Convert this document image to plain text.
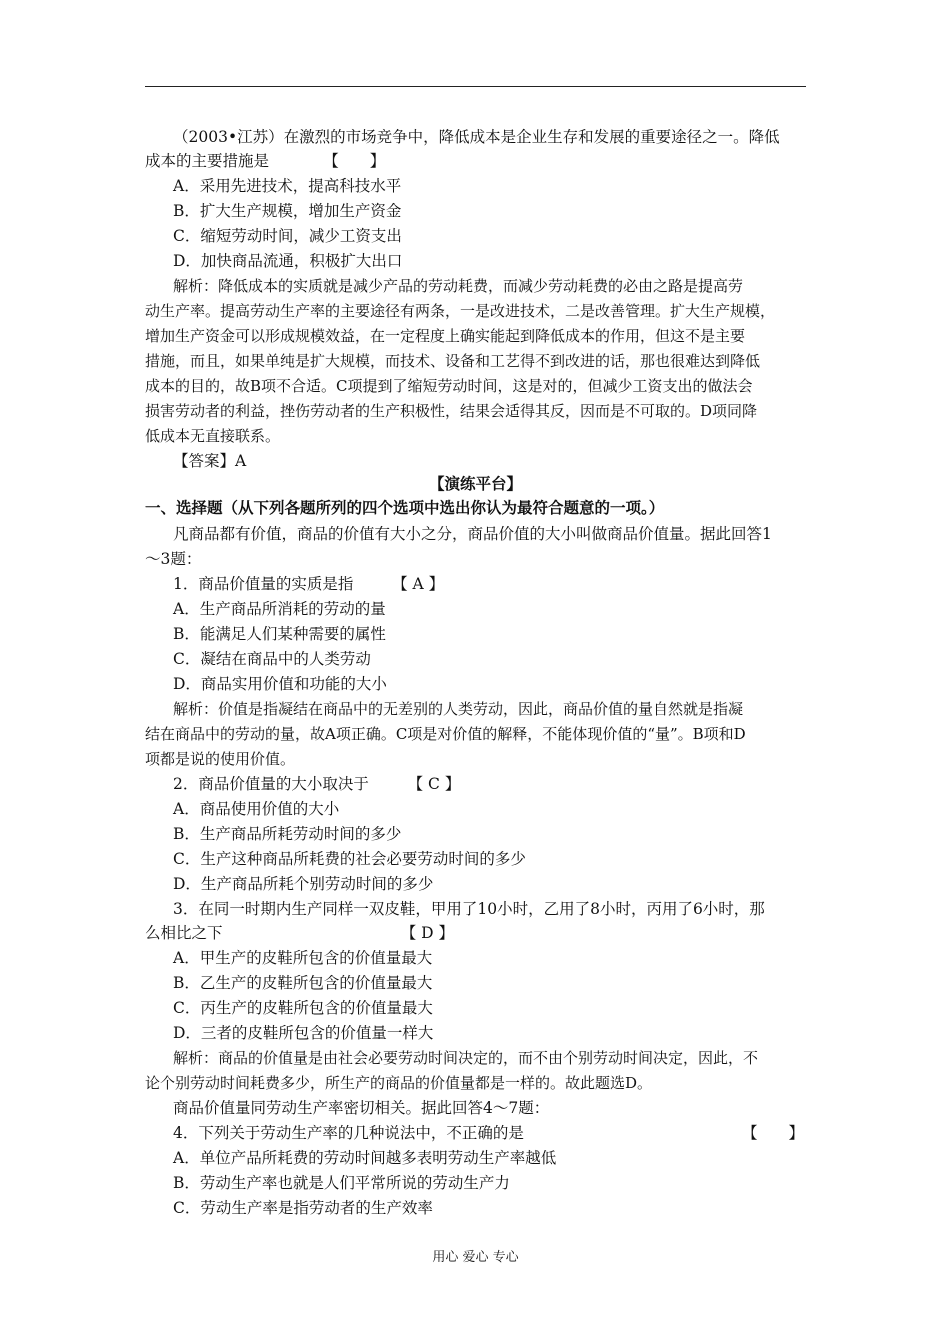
（2003•江苏）在激烈的市场竞争中，降低成本是企业生存和发展的重要途径之一。降低
成本的主要措施是　　　　【　　】
A．采用先进技术，提高科技水平
B．扩大生产规模，增加生产资金
C．缩短劳动时间，减少工资支出
D．加快商品流通，积极扩大出口
解析：降低成本的实质就是减少产品的劳动耗费，而减少劳动耗费的必由之路是提高劳
动生产率。提高劳动生产率的主要途径有两条，一是改进技术，二是改善管理。扩大生产规模，
增加生产资金可以形成规模效益，在一定程度上确实能起到降低成本的作用，但这不是主要
措施，而且，如果单纯是扩大规模，而技术、设备和工艺得不到改进的话，那也很难达到降低
成本的目的，故B项不合适。C项提到了缩短劳动时间，这是对的，但减少工资支出的做法会
损害劳动者的利益，挫伤劳动者的生产积极性，结果会适得其反，因而是不可取的。D项同降
低成本无直接联系。
【答案】A
【演练平台】
一、选择题（从下列各题所列的四个选项中选出你认为最符合题意的一项。）
凡商品都有价值，商品的价值有大小之分，商品价值的大小叫做商品价值量。据此回答1
～3题：
1．商品价值量的实质是指　　　【 A 】
A．生产商品所消耗的劳动的量
B．能满足人们某种需要的属性
C．凝结在商品中的人类劳动
D．商品实用价值和功能的大小
解析：价值是指凝结在商品中的无差别的人类劳动，因此，商品价值的量自然就是指凝
结在商品中的劳动的量，故A项正确。C项是对价值的解释，不能体现价值的“量”。B项和D
项都是说的使用价值。
2．商品价值量的大小取决于　　　【 C 】
A．商品使用价值的大小
B．生产商品所耗劳动时间的多少
C．生产这种商品所耗费的社会必要劳动时间的多少
D．生产商品所耗个别劳动时间的多少
3．在同一时期内生产同样一双皮鞋，甲用了10小时，乙用了8小时，丙用了6小时，那
么相比之下　　　　　　　　　　　　【 D 】
A．甲生产的皮鞋所包含的价值量最大
B．乙生产的皮鞋所包含的价值量最大
C．丙生产的皮鞋所包含的价值量最大
D．三者的皮鞋所包含的价值量一样大
解析：商品的价值量是由社会必要劳动时间决定的，而不由个别劳动时间决定，因此，不
论个别劳动时间耗费多少，所生产的商品的价值量都是一样的。故此题选D。
商品价值量同劳动生产率密切相关。据此回答4～7题：
4．下列关于劳动生产率的几种说法中，不正确的是	【　　】
A．单位产品所耗费的劳动时间越多表明劳动生产率越低
B．劳动生产率也就是人们平常所说的劳动生产力
C．劳动生产率是指劳动者的生产效率
用心 爱心 专心
